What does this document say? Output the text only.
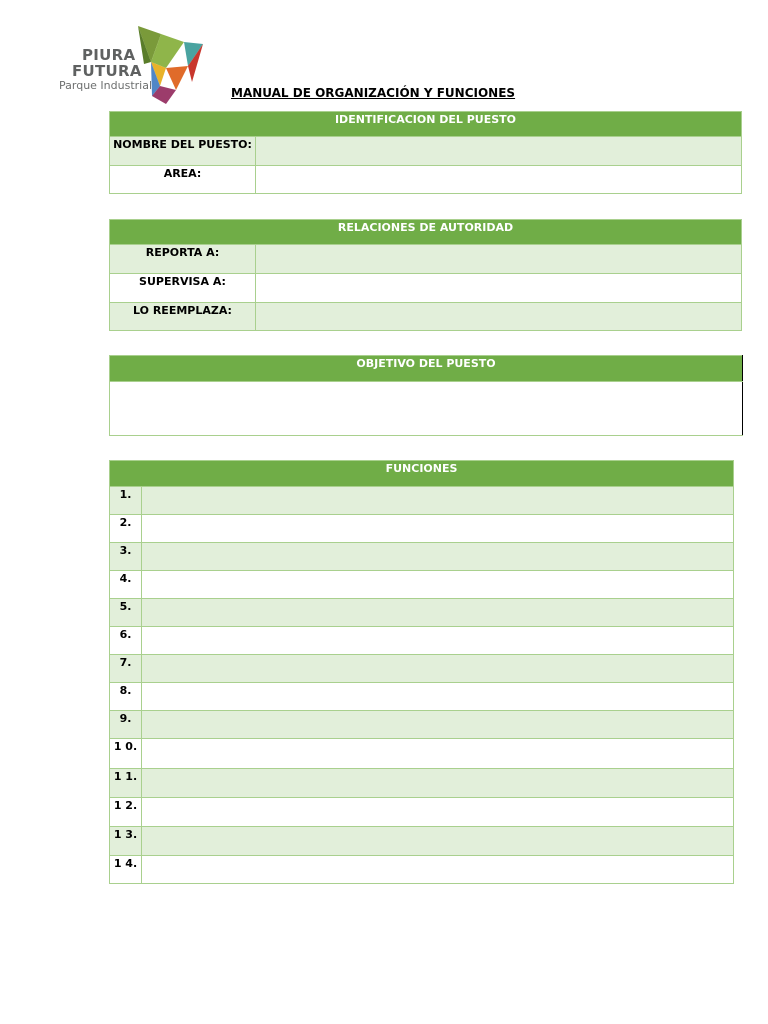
PIURA
FUTURA
Parque Industrial
MANUAL DE ORGANIZACIÓN Y FUNCIONES
IDENTIFICACION DEL PUESTO	
NOMBRE DEL PUESTO:	
AREA:	
RELACIONES DE AUTORIDAD	
REPORTA A:	
SUPERVISA A:	
LO REEMPLAZA:	
OBJETIVO DEL PUESTO

FUNCIONES	
1.	
2.	
3.	
4.	
5.	
6.	
7.	
8.	
9.	
1 0.	
1 1.	
1 2.	
1 3.	
1 4.	
